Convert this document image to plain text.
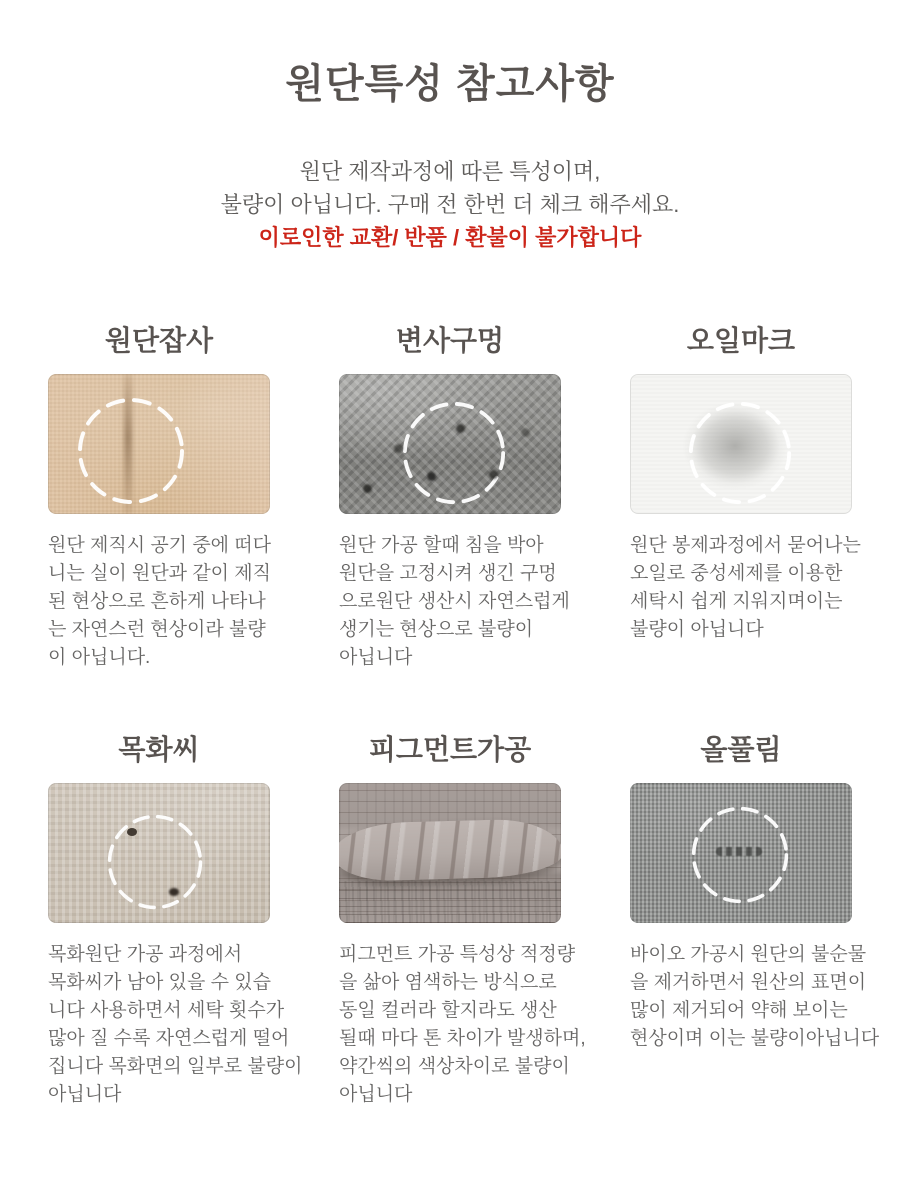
원단특성 참고사항

원단 제작과정에 따른 특성이며,
불량이 아닙니다. 구매 전 한번 더 체크 해주세요.

이로인한 교환/ 반품 / 환불이 불가합니다

원단잡사

원단 제직시 공기 중에 떠다
니는 실이 원단과 같이 제직
된 현상으로 흔하게 나타나
는 자연스런 현상이라 불량
이 아닙니다.

변사구멍

원단 가공 할때 침을 박아
원단을 고정시켜 생긴 구멍
으로원단 생산시 자연스럽게
생기는 현상으로 불량이
아닙니다

오일마크

원단 봉제과정에서 묻어나는
오일로 중성세제를 이용한
세탁시 쉽게 지워지며이는
불량이 아닙니다

목화씨

목화원단 가공 과정에서
목화씨가 남아 있을 수 있습
니다 사용하면서 세탁 횟수가
많아 질 수록 자연스럽게 떨어
집니다 목화면의 일부로 불량이
아닙니다

피그먼트가공

피그먼트 가공 특성상 적정량
을 삶아 염색하는 방식으로
동일 컬러라 할지라도 생산
될때 마다 톤 차이가 발생하며,
약간씩의 색상차이로 불량이
아닙니다

올풀림

바이오 가공시 원단의 불순물
을 제거하면서 원산의 표면이
많이 제거되어 약해 보이는
현상이며 이는 불량이아닙니다
